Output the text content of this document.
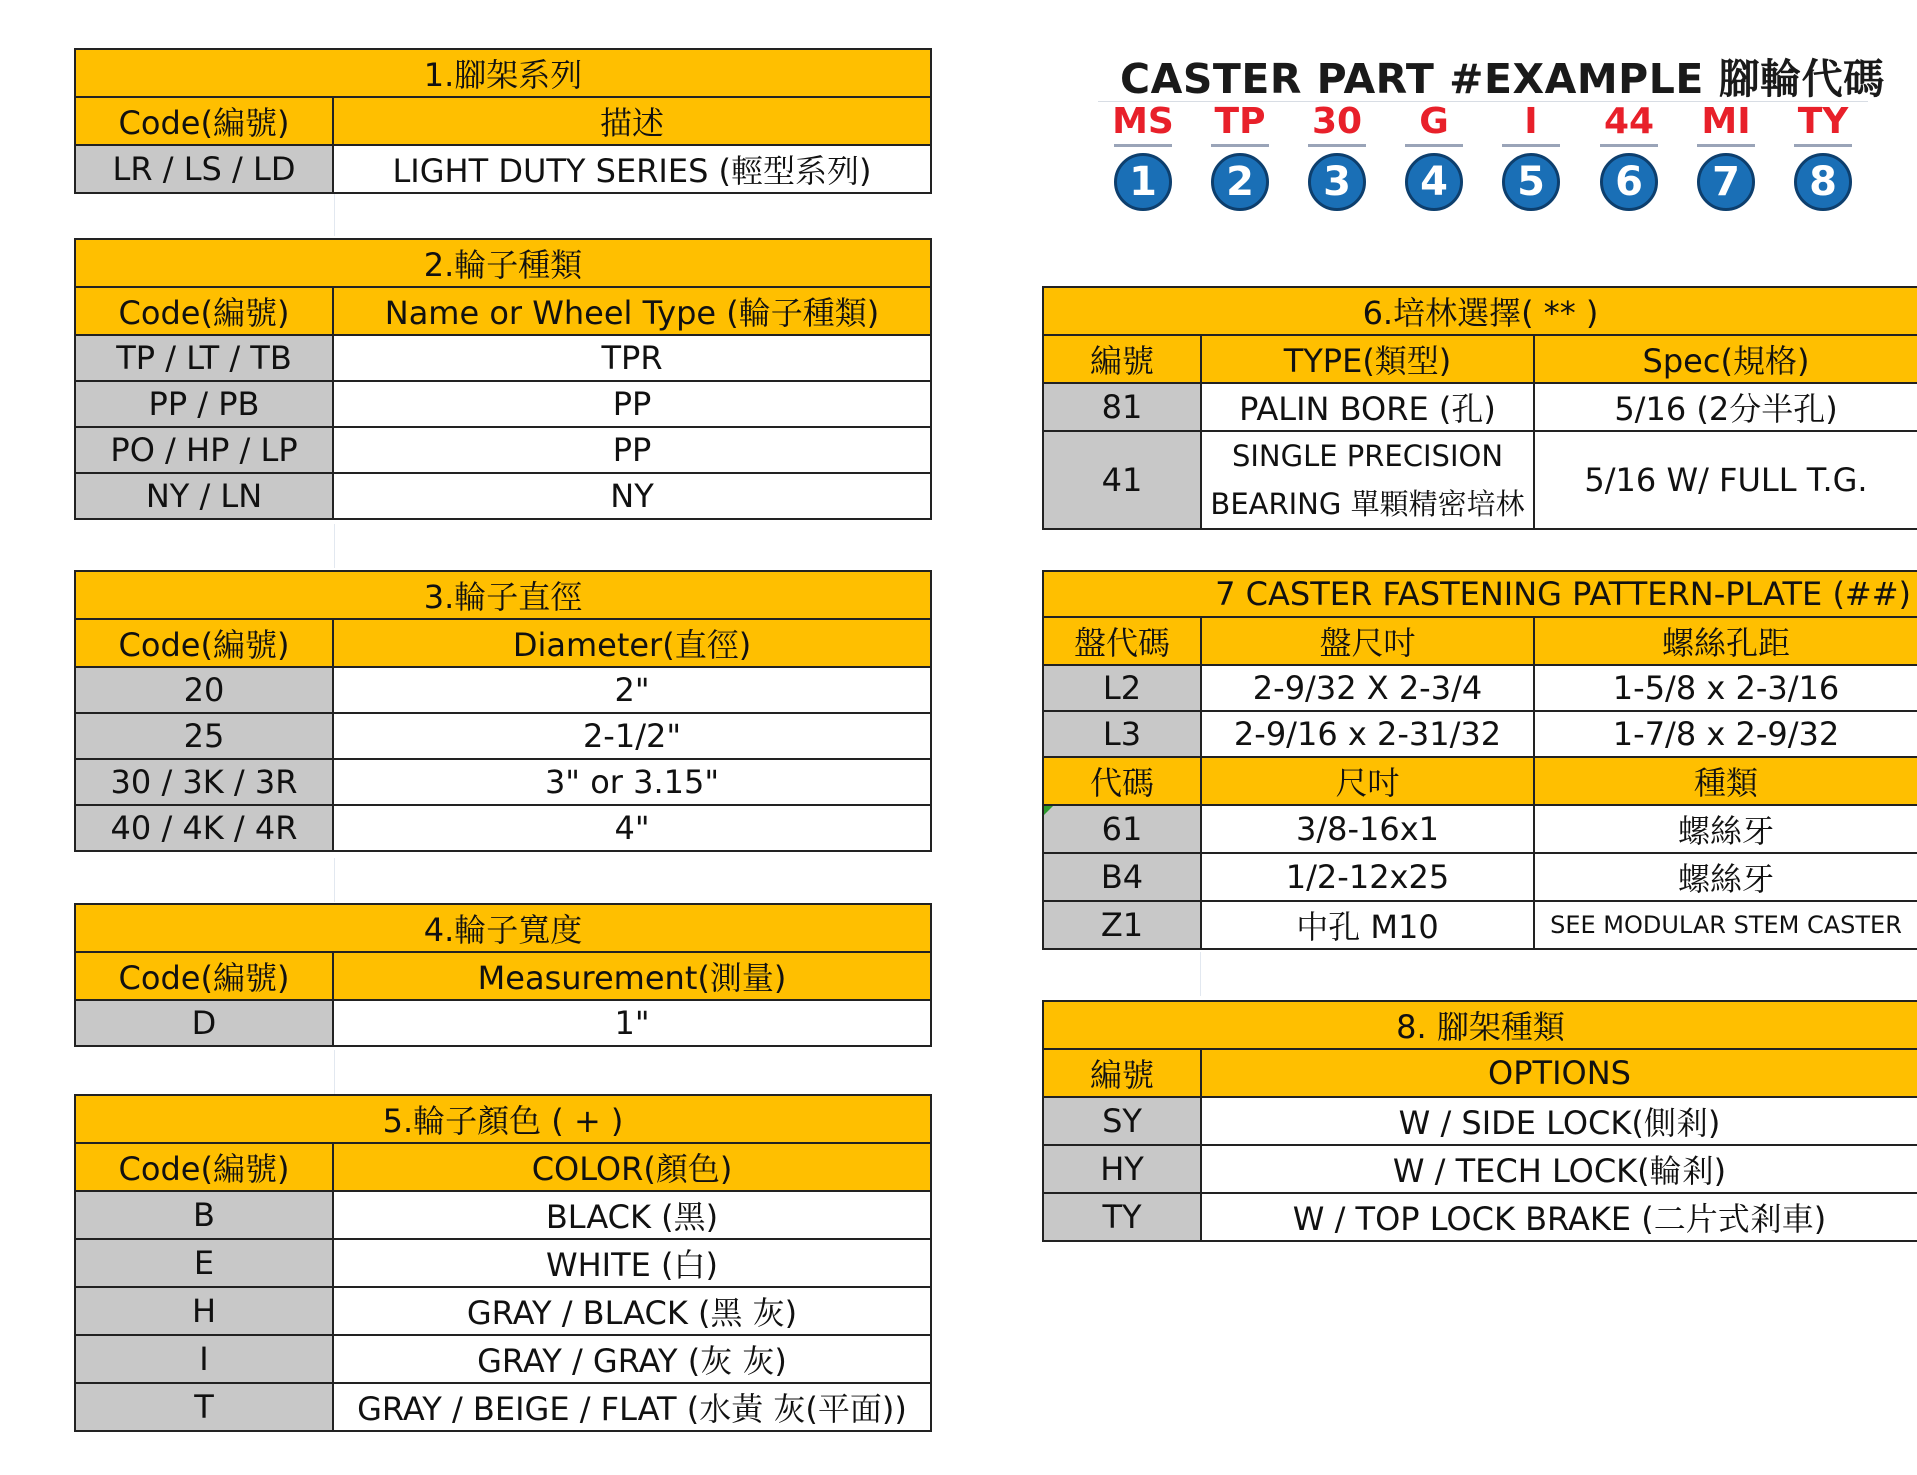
CASTER PART #EXAMPLE 腳輪代碼
MS
1
TP
2
30
3
G
4
I
5
44
6
MI
7
TY
8
1.腳架系列	
Code(編號)	描述
LR / LS / LD	LIGHT DUTY SERIES (輕型系列)
2.輪子種類	
Code(編號)	Name or Wheel Type (輪子種類)
TP / LT / TB	TPR
PP / PB	PP
PO / HP / LP	PP
NY / LN	NY
3.輪子直徑	
Code(編號)	Diameter(直徑)
20	2"
25	2-1/2"
30 / 3K / 3R	3" or 3.15"
40 / 4K / 4R	4"
4.輪子寬度	
Code(編號)	Measurement(測量)
D	1"
5.輪子顏色 ( + )	
Code(編號)	COLOR(顏色)
B	BLACK (黑)
E	WHITE (白)
H	GRAY / BLACK (黑 灰)
I	GRAY / GRAY (灰 灰)
T	GRAY / BEIGE / FLAT (水黃 灰(平面))
6.培林選擇( ** )		
編號	TYPE(類型)	Spec(規格)
81	PALIN BORE (孔)	5/16 (2分半孔)
41	SINGLE PRECISION BEARING 單顆精密培林	5/16 W/ FULL T.G.
7 CASTER FASTENING PATTERN-PLATE (##)		
盤代碼	盤尺吋	螺絲孔距
L2	2-9/32 X 2-3/4	1-5/8 x 2-3/16
L3	2-9/16 x 2-31/32	1-7/8 x 2-9/32
代碼	尺吋	種類
61	3/8-16x1	螺絲牙
B4	1/2-12x25	螺絲牙
Z1	中孔 M10	SEE MODULAR STEM CASTER
8. 腳架種類	
編號	OPTIONS
SY	W / SIDE LOCK(側剎)
HY	W / TECH LOCK(輪剎)
TY	W / TOP LOCK BRAKE (二片式剎車)
